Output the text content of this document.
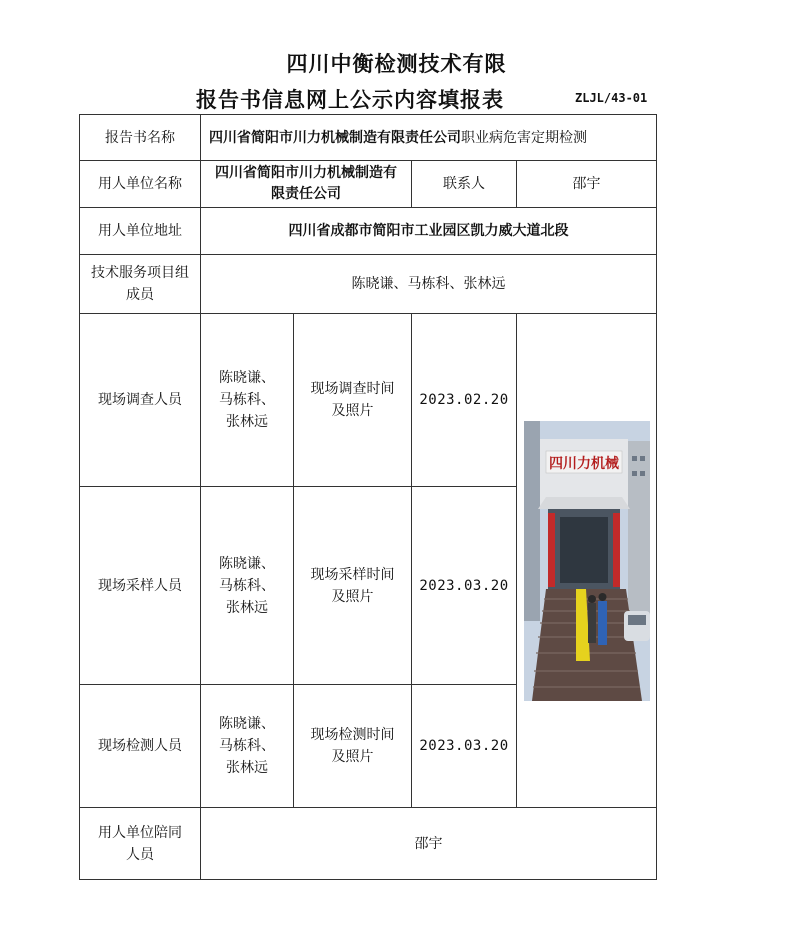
四川中衡检测技术有限
报告书信息网上公示内容填报表	ZLJL/43-01
报告书名称	四川省简阳市川力机械制造有限责任公司职业病危害定期检测			
用人单位名称	四川省简阳市川力机械制造有限责任公司		联系人	邵宇
用人单位地址	四川省成都市简阳市工业园区凯力威大道北段			
技术服务项目组成员	陈晓谦、马栋科、张林远			
现场调查人员	陈晓谦、马栋科、张林远	现场调查时间及照片	2023.02.20	四川力机械

现场采样人员	陈晓谦、马栋科、张林远	现场采样时间及照片	2023.03.20	
现场检测人员	陈晓谦、马栋科、张林远	现场检测时间及照片	2023.03.20	
用人单位陪同人员	邵宇			
